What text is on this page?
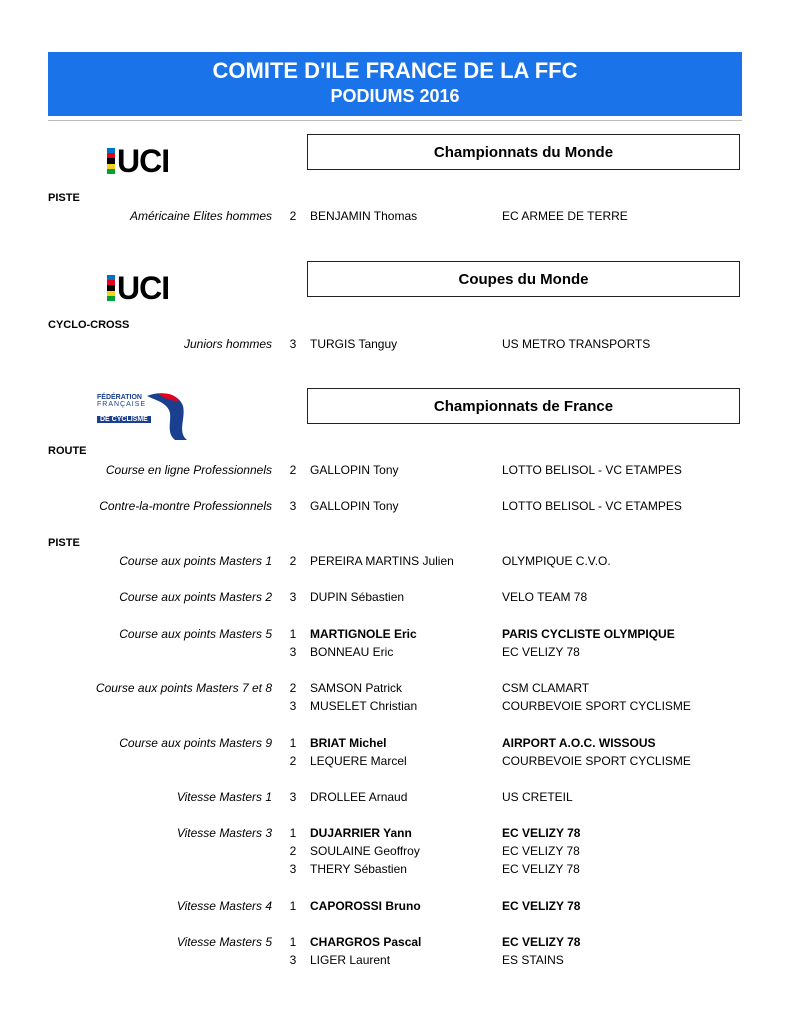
COMITE D'ILE FRANCE DE LA FFC
PODIUMS 2016
UCI	Championnats du Monde
PISTE
UCI	Coupes du Monde
CYCLO-CROSS
FÉDÉRATION
FRANÇAISE
DE CYCLISME
Championnats de France
ROUTE
PISTE
Américaine Elites hommes 2 BENJAMIN Thomas	EC ARMEE DE TERRE
Juniors hommes 3 TURGIS Tanguy	US METRO TRANSPORTS
Course en ligne Professionnels 2 GALLOPIN Tony	LOTTO BELISOL - VC ETAMPES
Contre-la-montre Professionnels 3 GALLOPIN Tony	LOTTO BELISOL - VC ETAMPES
Course aux points Masters 1 2 PEREIRA MARTINS Julien	OLYMPIQUE C.V.O.
Course aux points Masters 2 3 DUPIN Sébastien	VELO TEAM 78
Course aux points Masters 5 1 MARTIGNOLE Eric	PARIS CYCLISTE OLYMPIQUE
3 BONNEAU Eric	EC VELIZY 78
Course aux points Masters 7 et 8 2 SAMSON Patrick	CSM CLAMART
3 MUSELET Christian	COURBEVOIE SPORT CYCLISME
Course aux points Masters 9 1 BRIAT Michel	AIRPORT A.O.C. WISSOUS
2 LEQUERE Marcel	COURBEVOIE SPORT CYCLISME
Vitesse Masters 1 3 DROLLEE Arnaud	US CRETEIL
Vitesse Masters 3 1 DUJARRIER Yann	EC VELIZY 78
2 SOULAINE Geoffroy	EC VELIZY 78
3 THERY Sébastien	EC VELIZY 78
Vitesse Masters 4 1 CAPOROSSI Bruno	EC VELIZY 78
Vitesse Masters 5 1 CHARGROS Pascal	EC VELIZY 78
3 LIGER Laurent	ES STAINS
